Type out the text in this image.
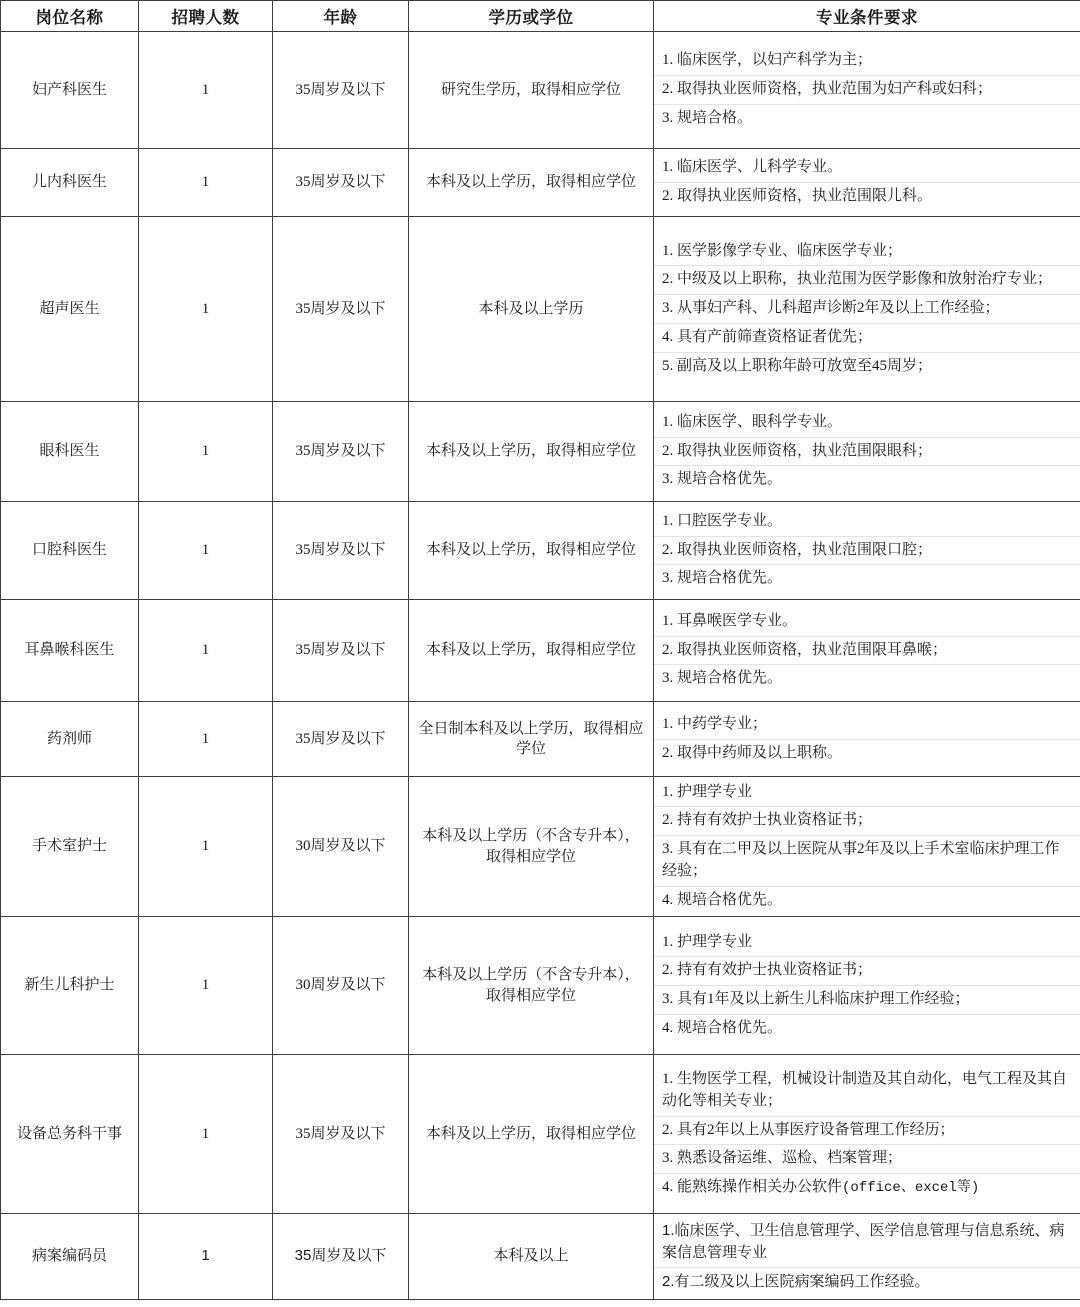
岗位名称	招聘人数	年龄	学历或学位	专业条件要求
妇产科医生	1	35周岁及以下	研究生学历，取得相应学位	
1. 临床医学，以妇产科学为主；
2. 取得执业医师资格，执业范围为妇产科或妇科；
3. 规培合格。

儿内科医生	1	35周岁及以下	本科及以上学历，取得相应学位	
1. 临床医学、儿科学专业。
2. 取得执业医师资格，执业范围限儿科。

超声医生	1	35周岁及以下	本科及以上学历	
1. 医学影像学专业、临床医学专业；
2. 中级及以上职称，执业范围为医学影像和放射治疗专业；
3. 从事妇产科、儿科超声诊断2年及以上工作经验；
4. 具有产前筛查资格证者优先；
5. 副高及以上职称年龄可放宽至45周岁；

眼科医生	1	35周岁及以下	本科及以上学历，取得相应学位	
1. 临床医学、眼科学专业。
2. 取得执业医师资格，执业范围限眼科；
3. 规培合格优先。

口腔科医生	1	35周岁及以下	本科及以上学历，取得相应学位	
1. 口腔医学专业。
2. 取得执业医师资格，执业范围限口腔；
3. 规培合格优先。

耳鼻喉科医生	1	35周岁及以下	本科及以上学历，取得相应学位	
1. 耳鼻喉医学专业。
2. 取得执业医师资格，执业范围限耳鼻喉；
3. 规培合格优先。

药剂师	1	35周岁及以下	全日制本科及以上学历，取得相应学位	
1. 中药学专业；
2. 取得中药师及以上职称。

手术室护士	1	30周岁及以下	本科及以上学历（不含专升本），取得相应学位	
1. 护理学专业
2. 持有有效护士执业资格证书；
3. 具有在二甲及以上医院从事2年及以上手术室临床护理工作经验；
4. 规培合格优先。

新生儿科护士	1	30周岁及以下	本科及以上学历（不含专升本），取得相应学位	
1. 护理学专业
2. 持有有效护士执业资格证书；
3. 具有1年及以上新生儿科临床护理工作经验；
4. 规培合格优先。

设备总务科干事	1	35周岁及以下	本科及以上学历，取得相应学位	
1. 生物医学工程，机械设计制造及其自动化，电气工程及其自动化等相关专业；
2. 具有2年以上从事医疗设备管理工作经历；
3. 熟悉设备运维、巡检、档案管理；
4. 能熟练操作相关办公软件(office、excel等)

病案编码员	1	35周岁及以下	本科及以上	
1.临床医学、卫生信息管理学、医学信息管理与信息系统、病案信息管理专业
2.有二级及以上医院病案编码工作经验。
